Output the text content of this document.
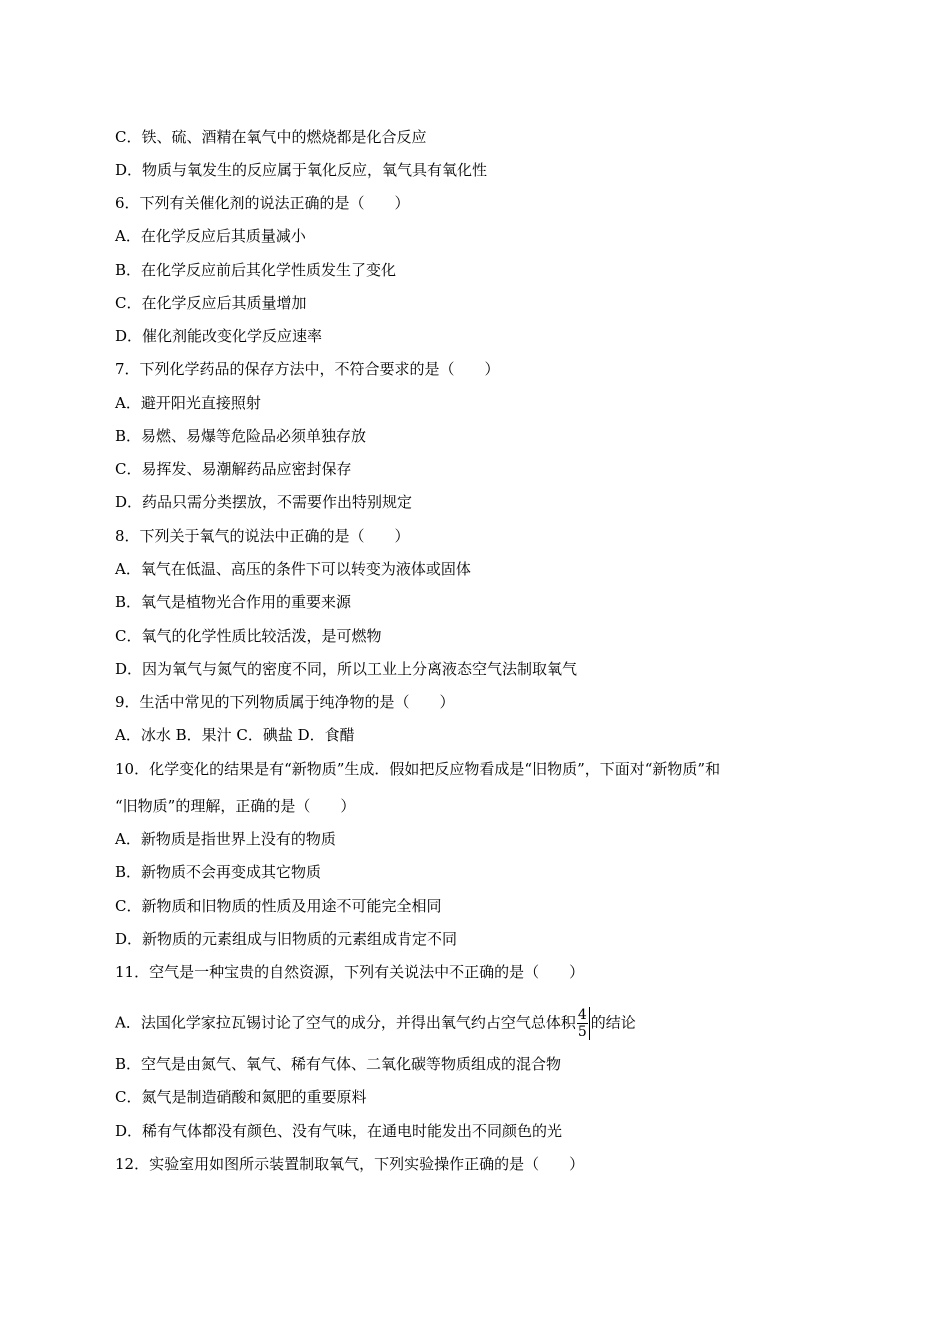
C．铁、硫、酒精在氧气中的燃烧都是化合反应
D．物质与氧发生的反应属于氧化反应，氧气具有氧化性
6．下列有关催化剂的说法正确的是（　　）
A．在化学反应后其质量减小
B．在化学反应前后其化学性质发生了变化
C．在化学反应后其质量增加
D．催化剂能改变化学反应速率
7．下列化学药品的保存方法中，不符合要求的是（　　）
A．避开阳光直接照射
B．易燃、易爆等危险品必须单独存放
C．易挥发、易潮解药品应密封保存
D．药品只需分类摆放，不需要作出特别规定
8．下列关于氧气的说法中正确的是（　　）
A．氧气在低温、高压的条件下可以转变为液体或固体
B．氧气是植物光合作用的重要来源
C．氧气的化学性质比较活泼，是可燃物
D．因为氧气与氮气的密度不同，所以工业上分离液态空气法制取氧气
9．生活中常见的下列物质属于纯净物的是（　　）
A．冰水 B．果汁 C．碘盐 D．食醋
10．化学变化的结果是有“新物质”生成．假如把反应物看成是“旧物质”，下面对“新物质”和
“旧物质”的理解，正确的是（　　）
A．新物质是指世界上没有的物质
B．新物质不会再变成其它物质
C．新物质和旧物质的性质及用途不可能完全相同
D．新物质的元素组成与旧物质的元素组成肯定不同
11．空气是一种宝贵的自然资源，下列有关说法中不正确的是（　　）
A．法国化学家拉瓦锡讨论了空气的成分，并得出氧气约占空气总体积 $\frac{4}{5}$ 的结论
B．空气是由氮气、氧气、稀有气体、二氧化碳等物质组成的混合物
C．氮气是制造硝酸和氮肥的重要原料
D．稀有气体都没有颜色、没有气味，在通电时能发出不同颜色的光
12．实验室用如图所示装置制取氧气，下列实验操作正确的是（　　）
